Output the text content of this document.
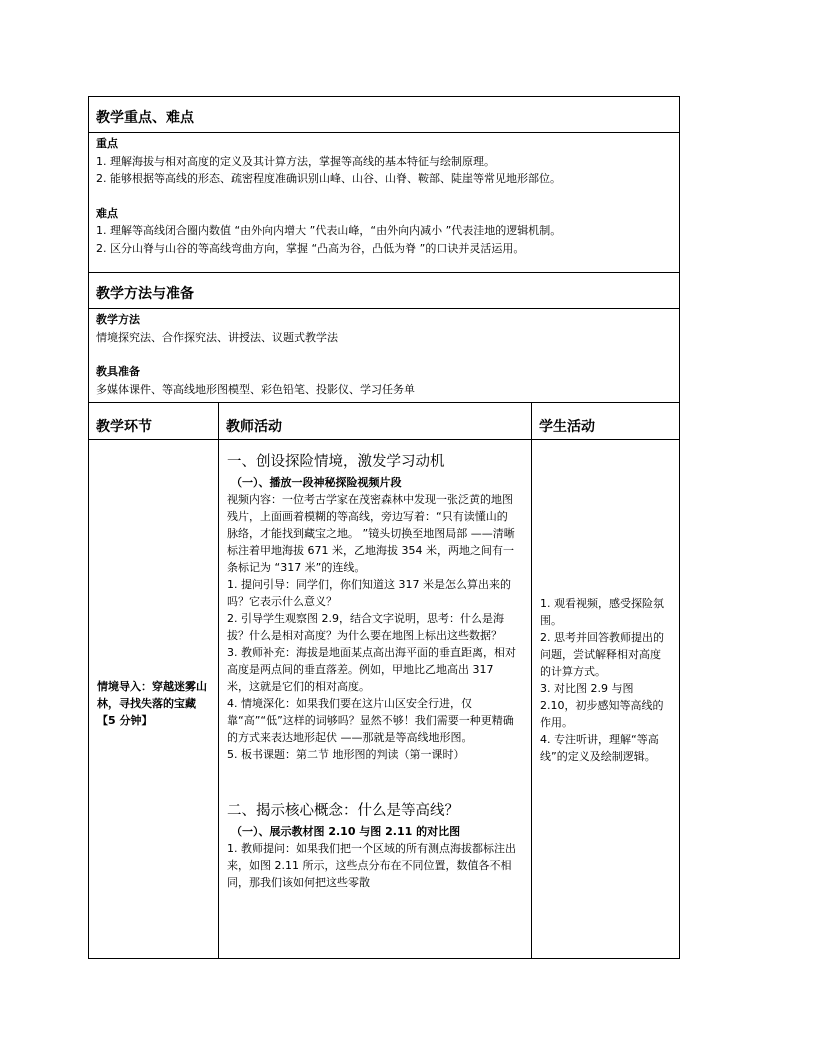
教学重点、难点
重点
1. 理解海拔与相对高度的定义及其计算方法，掌握等高线的基本特征与绘制原理。
2. 能够根据等高线的形态、疏密程度准确识别山峰、山谷、山脊、鞍部、陡崖等常见地形部位。
难点
1. 理解等高线闭合圈内数值 “由外向内增大 ”代表山峰，“由外向内减小 ”代表洼地的逻辑机制。
2. 区分山脊与山谷的等高线弯曲方向，掌握 “凸高为谷，凸低为脊 ”的口诀并灵活运用。
教学方法与准备
教学方法
情境探究法、合作探究法、讲授法、议题式教学法
教具准备
多媒体课件、等高线地形图模型、彩色铅笔、投影仪、学习任务单
教学环节	教师活动	学生活动
情境导入：穿越迷雾山林，寻找失落的宝藏【5 分钟】
一、创设探险情境，激发学习动机
（一）、播放一段神秘探险视频片段

视频内容：一位考古学家在茂密森林中发现一张泛黄的地图残片，上面画着模糊的等高线，旁边写着：“只有读懂山的脉络，才能找到藏宝之地。 ”镜头切换至地图局部 ——清晰标注着甲地海拔 671 米，乙地海拔 354 米，两地之间有一条标记为 “317 米”的连线。

1. 提问引导：同学们，你们知道这 317 米是怎么算出来的吗？它表示什么意义？

2. 引导学生观察图 2.9，结合文字说明，思考：什么是海拔？什么是相对高度？为什么要在地图上标出这些数据？

3. 教师补充：海拔是地面某点高出海平面的垂直距离，相对高度是两点间的垂直落差。例如，甲地比乙地高出 317 米，这就是它们的相对高度。

4. 情境深化：如果我们要在这片山区安全行进，仅靠“高”“低”这样的词够吗？显然不够！我们需要一种更精确的方式来表达地形起伏 ——那就是等高线地形图。

5. 板书课题：第二节 地形图的判读（第一课时）

二、揭示核心概念：什么是等高线？
（一）、展示教材图 2.10 与图 2.11 的对比图

1. 教师提问：如果我们把一个区域的所有测点海拔都标注出来，如图 2.11 所示，这些点分布在不同位置，数值各不相同，那我们该如何把这些零散

1. 观看视频，感受探险氛围。

2. 思考并回答教师提出的问题，尝试解释相对高度的计算方式。

3. 对比图 2.9 与图 2.10，初步感知等高线的作用。

4. 专注听讲，理解“等高线”的定义及绘制逻辑。
